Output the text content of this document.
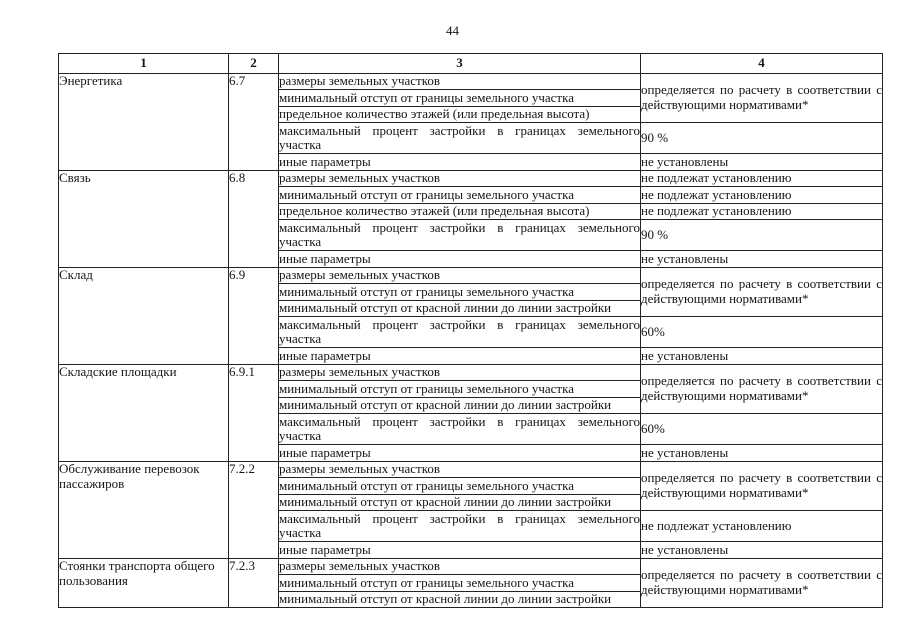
44
1	2	3	4
Энергетика	6.7	размеры земельных участков	определяется по расчету в соответствии с действующими нормативами*
		минимальный отступ от границы земельного участка	
		предельное количество этажей (или предельная высота)	
		максимальный процент застройки в границах земельного участка	90 %
		иные параметры	не установлены
Связь	6.8	размеры земельных участков	не подлежат установлению
		минимальный отступ от границы земельного участка	не подлежат установлению
		предельное количество этажей (или предельная высота)	не подлежат установлению
		максимальный процент застройки в границах земельного участка	90 %
		иные параметры	не установлены
Склад	6.9	размеры земельных участков	определяется по расчету в соответствии с действующими нормативами*
		минимальный отступ от границы земельного участка	
		минимальный отступ от красной линии до линии застройки	
		максимальный процент застройки в границах земельного участка	60%
		иные параметры	не установлены
Складские площадки	6.9.1	размеры земельных участков	определяется по расчету в соответствии с действующими нормативами*
		минимальный отступ от границы земельного участка	
		минимальный отступ от красной линии до линии застройки	
		максимальный процент застройки в границах земельного участка	60%
		иные параметры	не установлены
Обслуживание перевозок пассажиров	7.2.2	размеры земельных участков	определяется по расчету в соответствии с действующими нормативами*
		минимальный отступ от границы земельного участка	
		минимальный отступ от красной линии до линии застройки	
		максимальный процент застройки в границах земельного участка	не подлежат установлению
		иные параметры	не установлены
Стоянки транспорта общего пользования	7.2.3	размеры земельных участков	определяется по расчету в соответствии с действующими нормативами*
		минимальный отступ от границы земельного участка	
		минимальный отступ от красной линии до линии застройки	
